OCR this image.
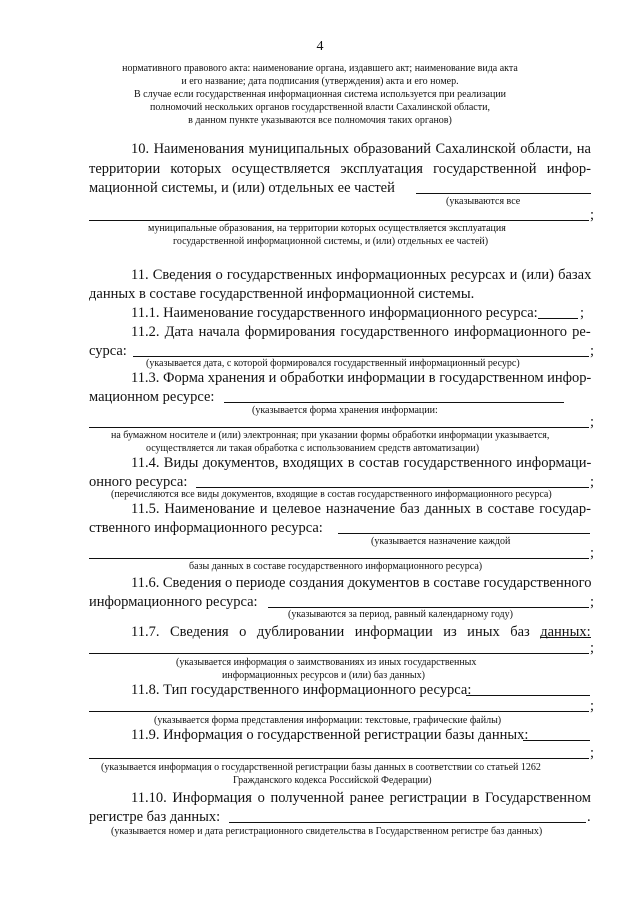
4
нормативного правового акта: наименование органа, издавшего акт; наименование вида акта
и его название; дата подписания (утверждения) акта и его номер.
В случае если государственная информационная система используется при реализации
полномочий нескольких органов государственной власти Сахалинской области,
в данном пункте указываются все полномочия таких органов)
10. Наименования муниципальных образований Сахалинской области, на
территории которых осуществляется эксплуатация государственной инфор-
мационной системы, и (или) отдельных ее частей
(указываются все
;
муниципальные образования, на территории которых осуществляется эксплуатация
государственной информационной системы, и (или) отдельных ее частей)
11. Сведения о государственных информационных ресурсах и (или) базах
данных в составе государственной информационной системы.
11.1. Наименование государственного информационного ресурса:	;
11.2. Дата начала формирования государственного информационного ре-
сурса:	;
(указывается дата, с которой формировался государственный информационный ресурс)
11.3. Форма хранения и обработки информации в государственном инфор-
мационном ресурсе:
(указывается форма хранения информации:
;
на бумажном носителе и (или) электронная; при указании формы обработки информации указывается,
осуществляется ли такая обработка с использованием средств автоматизации)
11.4. Виды документов, входящих в состав государственного информаци-
онного ресурса:	;
(перечисляются все виды документов, входящие в состав государственного информационного ресурса)
11.5. Наименование и целевое назначение баз данных в составе государ-
ственного информационного ресурса:
(указывается назначение каждой
;
базы данных в составе государственного информационного ресурса)
11.6. Сведения о периоде создания документов в составе государственного
информационного ресурса:	;
(указываются за период, равный календарному году)
11.7. Сведения о дублировании информации из иных баз данных:
;
(указывается информация о заимствованиях из иных государственных
информационных ресурсов и (или) баз данных)
11.8. Тип государственного информационного ресурса:
;
(указывается форма представления информации: текстовые, графические файлы)
11.9. Информация о государственной регистрации базы данных:
;
(указывается информация о государственной регистрации базы данных в соответствии со статьей 1262
Гражданского кодекса Российской Федерации)
11.10. Информация о полученной ранее регистрации в Государственном
регистре баз данных:	.
(указывается номер и дата регистрационного свидетельства в Государственном регистре баз данных)
